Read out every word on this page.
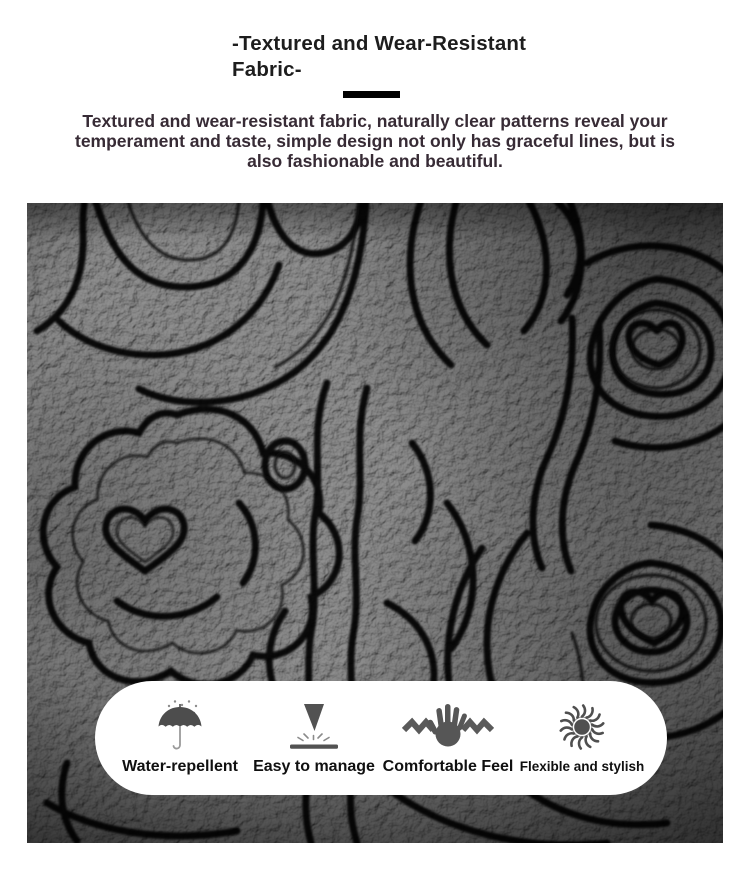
-Textured and Wear-Resistant Fabric-

Textured and wear-resistant fabric, naturally clear patterns reveal your temperament and taste, simple design not only has graceful lines, but is also fashionable and beautiful.

Water-repellent Easy to manage Comfortable Feel Flexible and stylish
